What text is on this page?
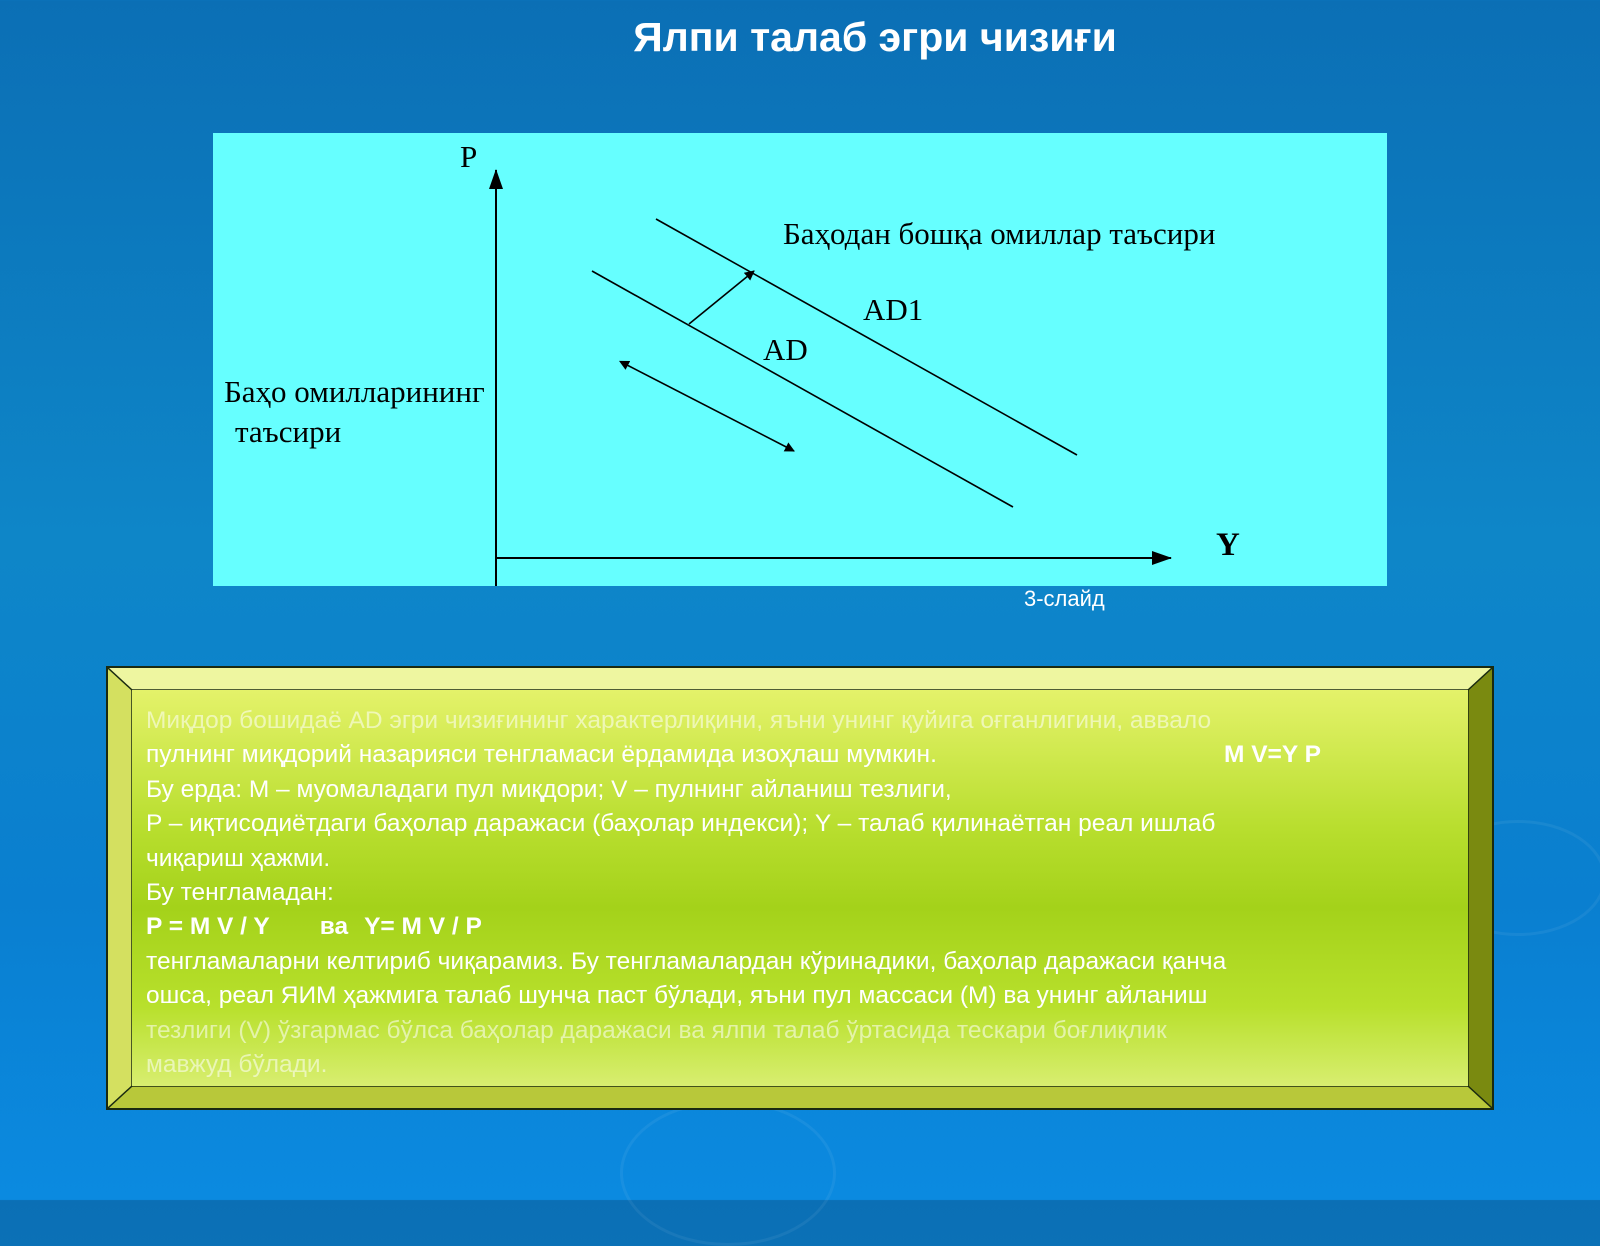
Ялпи талаб эгри чизиғи
P
Y
Баҳодан бошқа омиллар таъсири
AD1
AD
Баҳо омилларининг
таъсири
3-слайд
Миқдор бошидаё AD эгри чизиғининг характерлиқини, яъни унинг қуйига оғганлигини, аввало
пулнинг миқдорий назарияси тенгламаси ёрдамида изоҳлаш мумкин.	M V=Y P
Бу ерда: M – муомаладаги пул миқдори; V – пулнинг айланиш тезлиги,
P – иқтисодиётдаги баҳолар даражаси (баҳолар индекси); Y – талаб қилинаётган реал ишлаб
чиқариш ҳажми.
Бу тенгламадан:
P = M V / Y ва Y= M V / P
тенгламаларни келтириб чиқарамиз. Бу тенгламалардан кўринадики, баҳолар даражаси қанча
ошса, реал ЯИМ ҳажмига талаб шунча паст бўлади, яъни пул массаси (M) ва унинг айланиш
тезлиги (V) ўзгармас бўлса баҳолар даражаси ва ялпи талаб ўртасида тескари боғлиқлик
мавжуд бўлади.
